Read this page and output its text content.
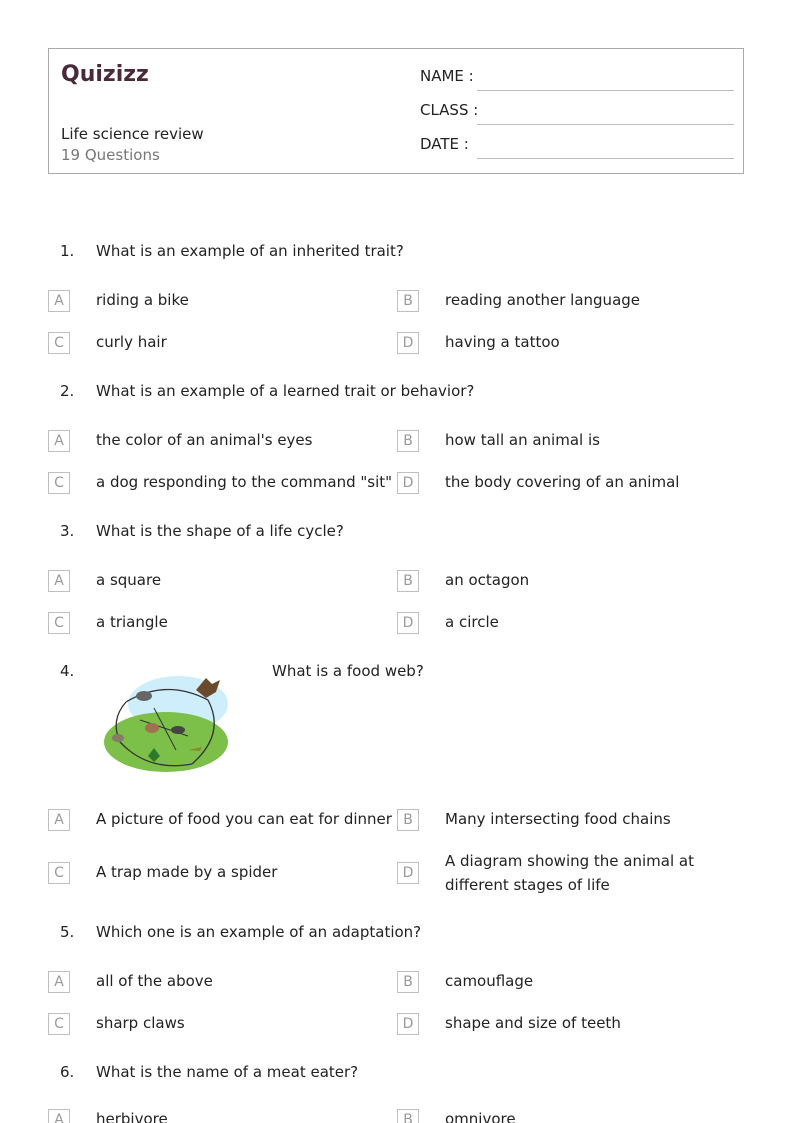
Quizizz
Life science review
19 Questions
NAME :
CLASS :
DATE :
1. What is an example of an inherited trait?
A	riding a bike	B	reading another language
C	curly hair	D	having a tattoo
2. What is an example of a learned trait or behavior?
A	the color of an animal's eyes	B	how tall an animal is
C	a dog responding to the command "sit" D	the body covering of an animal
3. What is the shape of a life cycle?
A	a square	B	an octagon
C	a triangle	D	a circle
4.	What is a food web?
A	A picture of food you can eat for dinner B	Many intersecting food chains
C	A trap made by a spider	D
A diagram showing the animal at different stages of life
5. Which one is an example of an adaptation?
A	all of the above	B	camouflage
C	sharp claws	D	shape and size of teeth
6. What is the name of a meat eater?
A	herbivore	B	omnivore
